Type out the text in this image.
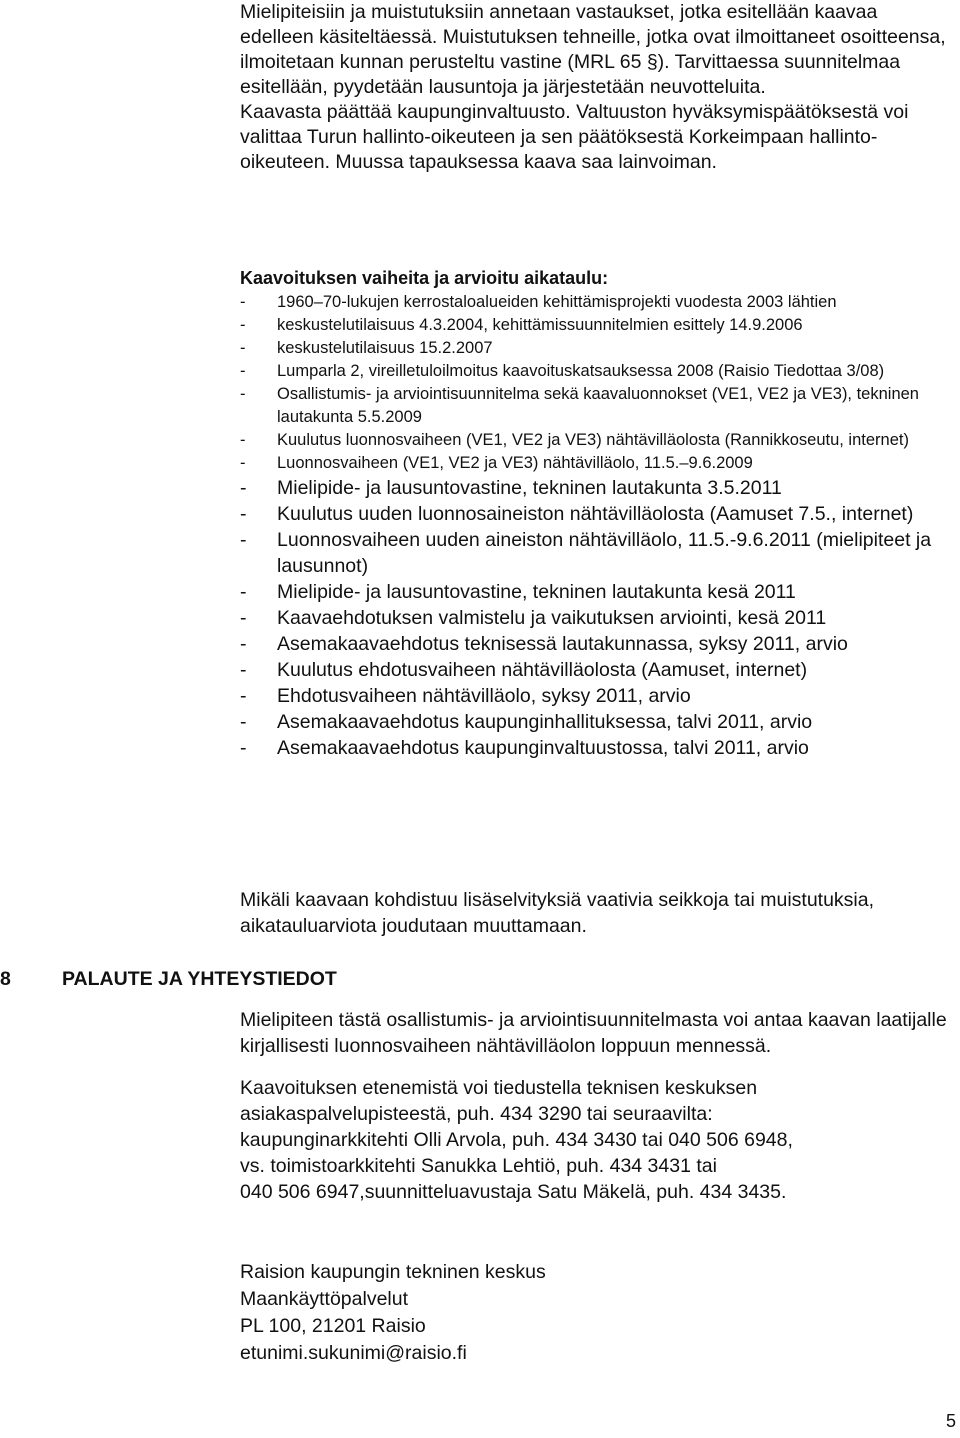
Mielipiteisiin ja muistutuksiin annetaan vastaukset, jotka esitellään kaavaa edelleen käsiteltäessä. Muistutuksen tehneille, jotka ovat ilmoittaneet osoitteensa, ilmoitetaan kunnan perusteltu vastine (MRL 65 §). Tarvittaessa suunnitelmaa esitellään, pyydetään lausuntoja ja järjestetään neuvotteluita.

Kaavasta päättää kaupunginvaltuusto. Valtuuston hyväksymispäätöksestä voi valittaa Turun hallinto-oikeuteen ja sen päätöksestä Korkeimpaan hallinto-oikeuteen. Muussa tapauksessa kaava saa lainvoiman.

Kaavoituksen vaiheita ja arvioitu aikataulu:

- 1960–70-lukujen kerrostaloalueiden kehittämisprojekti vuodesta 2003 lähtien
- keskustelutilaisuus 4.3.2004, kehittämissuunnitelmien esittely 14.9.2006
- keskustelutilaisuus 15.2.2007
- Lumparla 2, vireilletuloilmoitus kaavoituskatsauksessa 2008 (Raisio Tiedottaa 3/08)
- Osallistumis- ja arviointisuunnitelma sekä kaavaluonnokset (VE1, VE2 ja VE3), tekninen lautakunta 5.5.2009
- Kuulutus luonnosvaiheen (VE1, VE2 ja VE3) nähtävilläolosta (Rannikkoseutu, internet)
- Luonnosvaiheen (VE1, VE2 ja VE3) nähtävilläolo, 11.5.–9.6.2009
- Mielipide- ja lausuntovastine, tekninen lautakunta 3.5.2011
- Kuulutus uuden luonnosaineiston nähtävilläolosta (Aamuset 7.5., internet)
- Luonnosvaiheen uuden aineiston nähtävilläolo, 11.5.-9.6.2011 (mielipiteet ja lausunnot)
- Mielipide- ja lausuntovastine, tekninen lautakunta kesä 2011
- Kaavaehdotuksen valmistelu ja vaikutuksen arviointi, kesä 2011
- Asemakaavaehdotus teknisessä lautakunnassa, syksy 2011, arvio
- Kuulutus ehdotusvaiheen nähtävilläolosta (Aamuset, internet)
- Ehdotusvaiheen nähtävilläolo, syksy 2011, arvio
- Asemakaavaehdotus kaupunginhallituksessa, talvi 2011, arvio
- Asemakaavaehdotus kaupunginvaltuustossa, talvi 2011, arvio

Mikäli kaavaan kohdistuu lisäselvityksiä vaativia seikkoja tai muistutuksia, aikatauluarviota joudutaan muuttamaan.

8	PALAUTE JA YHTEYSTIEDOT

Mielipiteen tästä osallistumis- ja arviointisuunnitelmasta voi antaa kaavan laatijalle kirjallisesti luonnosvaiheen nähtävilläolon loppuun mennessä.

Kaavoituksen etenemistä voi tiedustella teknisen keskuksen asiakaspalvelupisteestä, puh. 434 3290 tai seuraavilta:
kaupunginarkkitehti Olli Arvola, puh. 434 3430 tai 040 506 6948,
vs. toimistoarkkitehti Sanukka Lehtiö, puh. 434 3431 tai
040 506 6947,suunnitteluavustaja Satu Mäkelä, puh. 434 3435.

Raision kaupungin tekninen keskus
Maankäyttöpalvelut
PL 100, 21201 Raisio
etunimi.sukunimi@raisio.fi
5
